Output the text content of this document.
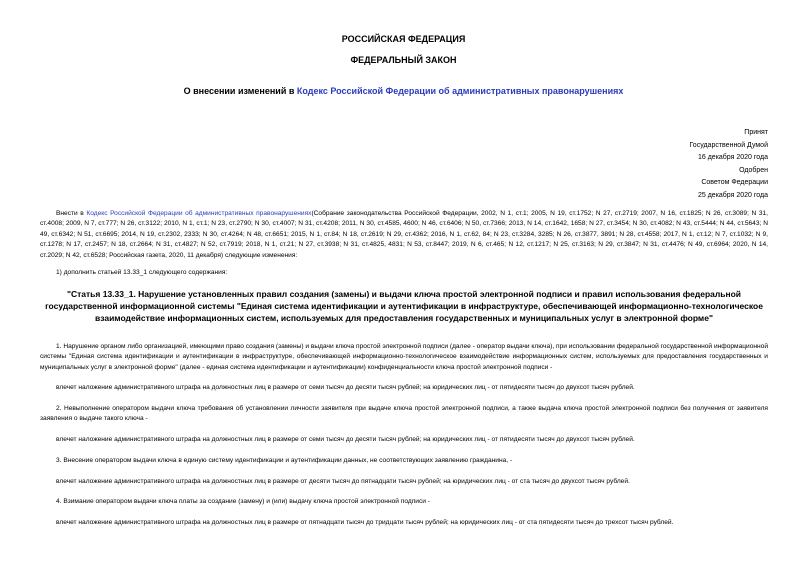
РОССИЙСКАЯ ФЕДЕРАЦИЯ
ФЕДЕРАЛЬНЫЙ ЗАКОН
О внесении изменений в Кодекс Российской Федерации об административных правонарушениях
Принят
Государственной Думой
16 декабря 2020 года
Одобрен
Советом Федерации
25 декабря 2020 года
Внести в Кодекс Российской Федерации об административных правонарушениях(Собрание законодательства Российской Федерации, 2002, N 1, ст.1; 2005, N 19, ст.1752; N 27, ст.2719; 2007, N 16, ст.1825; N 26, ст.3089; N 31, ст.4008; 2009, N 7, ст.777; N 26, ст.3122; 2010, N 1, ст.1; N 23, ст.2790; N 30, ст.4007; N 31, ст.4208; 2011, N 30, ст.4585, 4600; N 46, ст.6406; N 50, ст.7366; 2013, N 14, ст.1642, 1658; N 27, ст.3454; N 30, ст.4082; N 43, ст.5444; N 44, ст.5643; N 49, ст.6342; N 51, ст.6695; 2014, N 19, ст.2302, 2333; N 30, ст.4264; N 48, ст.6651; 2015, N 1, ст.84; N 18, ст.2619; N 29, ст.4362; 2016, N 1, ст.62, 84; N 23, ст.3284, 3285; N 26, ст.3877, 3891; N 28, ст.4558; 2017, N 1, ст.12; N 7, ст.1032; N 9, ст.1278; N 17, ст.2457; N 18, ст.2664; N 31, ст.4827; N 52, ст.7919; 2018, N 1, ст.21; N 27, ст.3938; N 31, ст.4825, 4831; N 53, ст.8447; 2019, N 6, ст.465; N 12, ст.1217; N 25, ст.3163; N 29, ст.3847; N 31, ст.4476; N 49, ст.6964; 2020, N 14, ст.2029; N 42, ст.6528; Российская газета, 2020, 11 декабря) следующие изменения:
1) дополнить статьей 13.33_1 следующего содержания:
"Статья 13.33_1. Нарушение установленных правил создания (замены) и выдачи ключа простой электронной подписи и правил использования федеральной государственной информационной системы "Единая система идентификации и аутентификации в инфраструктуре, обеспечивающей информационно-технологическое взаимодействие информационных систем, используемых для предоставления государственных и муниципальных услуг в электронной форме"
1. Нарушение органом либо организацией, имеющими право создания (замены) и выдачи ключа простой электронной подписи (далее - оператор выдачи ключа), при использовании федеральной государственной информационной системы "Единая система идентификации и аутентификации в инфраструктуре, обеспечивающей информационно-технологическое взаимодействие информационных систем, используемых для предоставления государственных и муниципальных услуг в электронной форме" (далее - единая система идентификации и аутентификации) конфиденциальности ключа простой электронной подписи -
влечет наложение административного штрафа на должностных лиц в размере от семи тысяч до десяти тысяч рублей; на юридических лиц - от пятидесяти тысяч до двухсот тысяч рублей.
2. Невыполнение оператором выдачи ключа требования об установлении личности заявителя при выдаче ключа простой электронной подписи, а также выдача ключа простой электронной подписи без получения от заявителя заявления о выдаче такого ключа -
влечет наложение административного штрафа на должностных лиц в размере от семи тысяч до десяти тысяч рублей; на юридических лиц - от пятидесяти тысяч до двухсот тысяч рублей.
3. Внесение оператором выдачи ключа в единую систему идентификации и аутентификации данных, не соответствующих заявлению гражданина, -
влечет наложение административного штрафа на должностных лиц в размере от десяти тысяч до пятнадцати тысяч рублей; на юридических лиц - от ста тысяч до двухсот тысяч рублей.
4. Взимание оператором выдачи ключа платы за создание (замену) и (или) выдачу ключа простой электронной подписи -
влечет наложение административного штрафа на должностных лиц в размере от пятнадцати тысяч до тридцати тысяч рублей; на юридических лиц - от ста пятидесяти тысяч до трехсот тысяч рублей.
